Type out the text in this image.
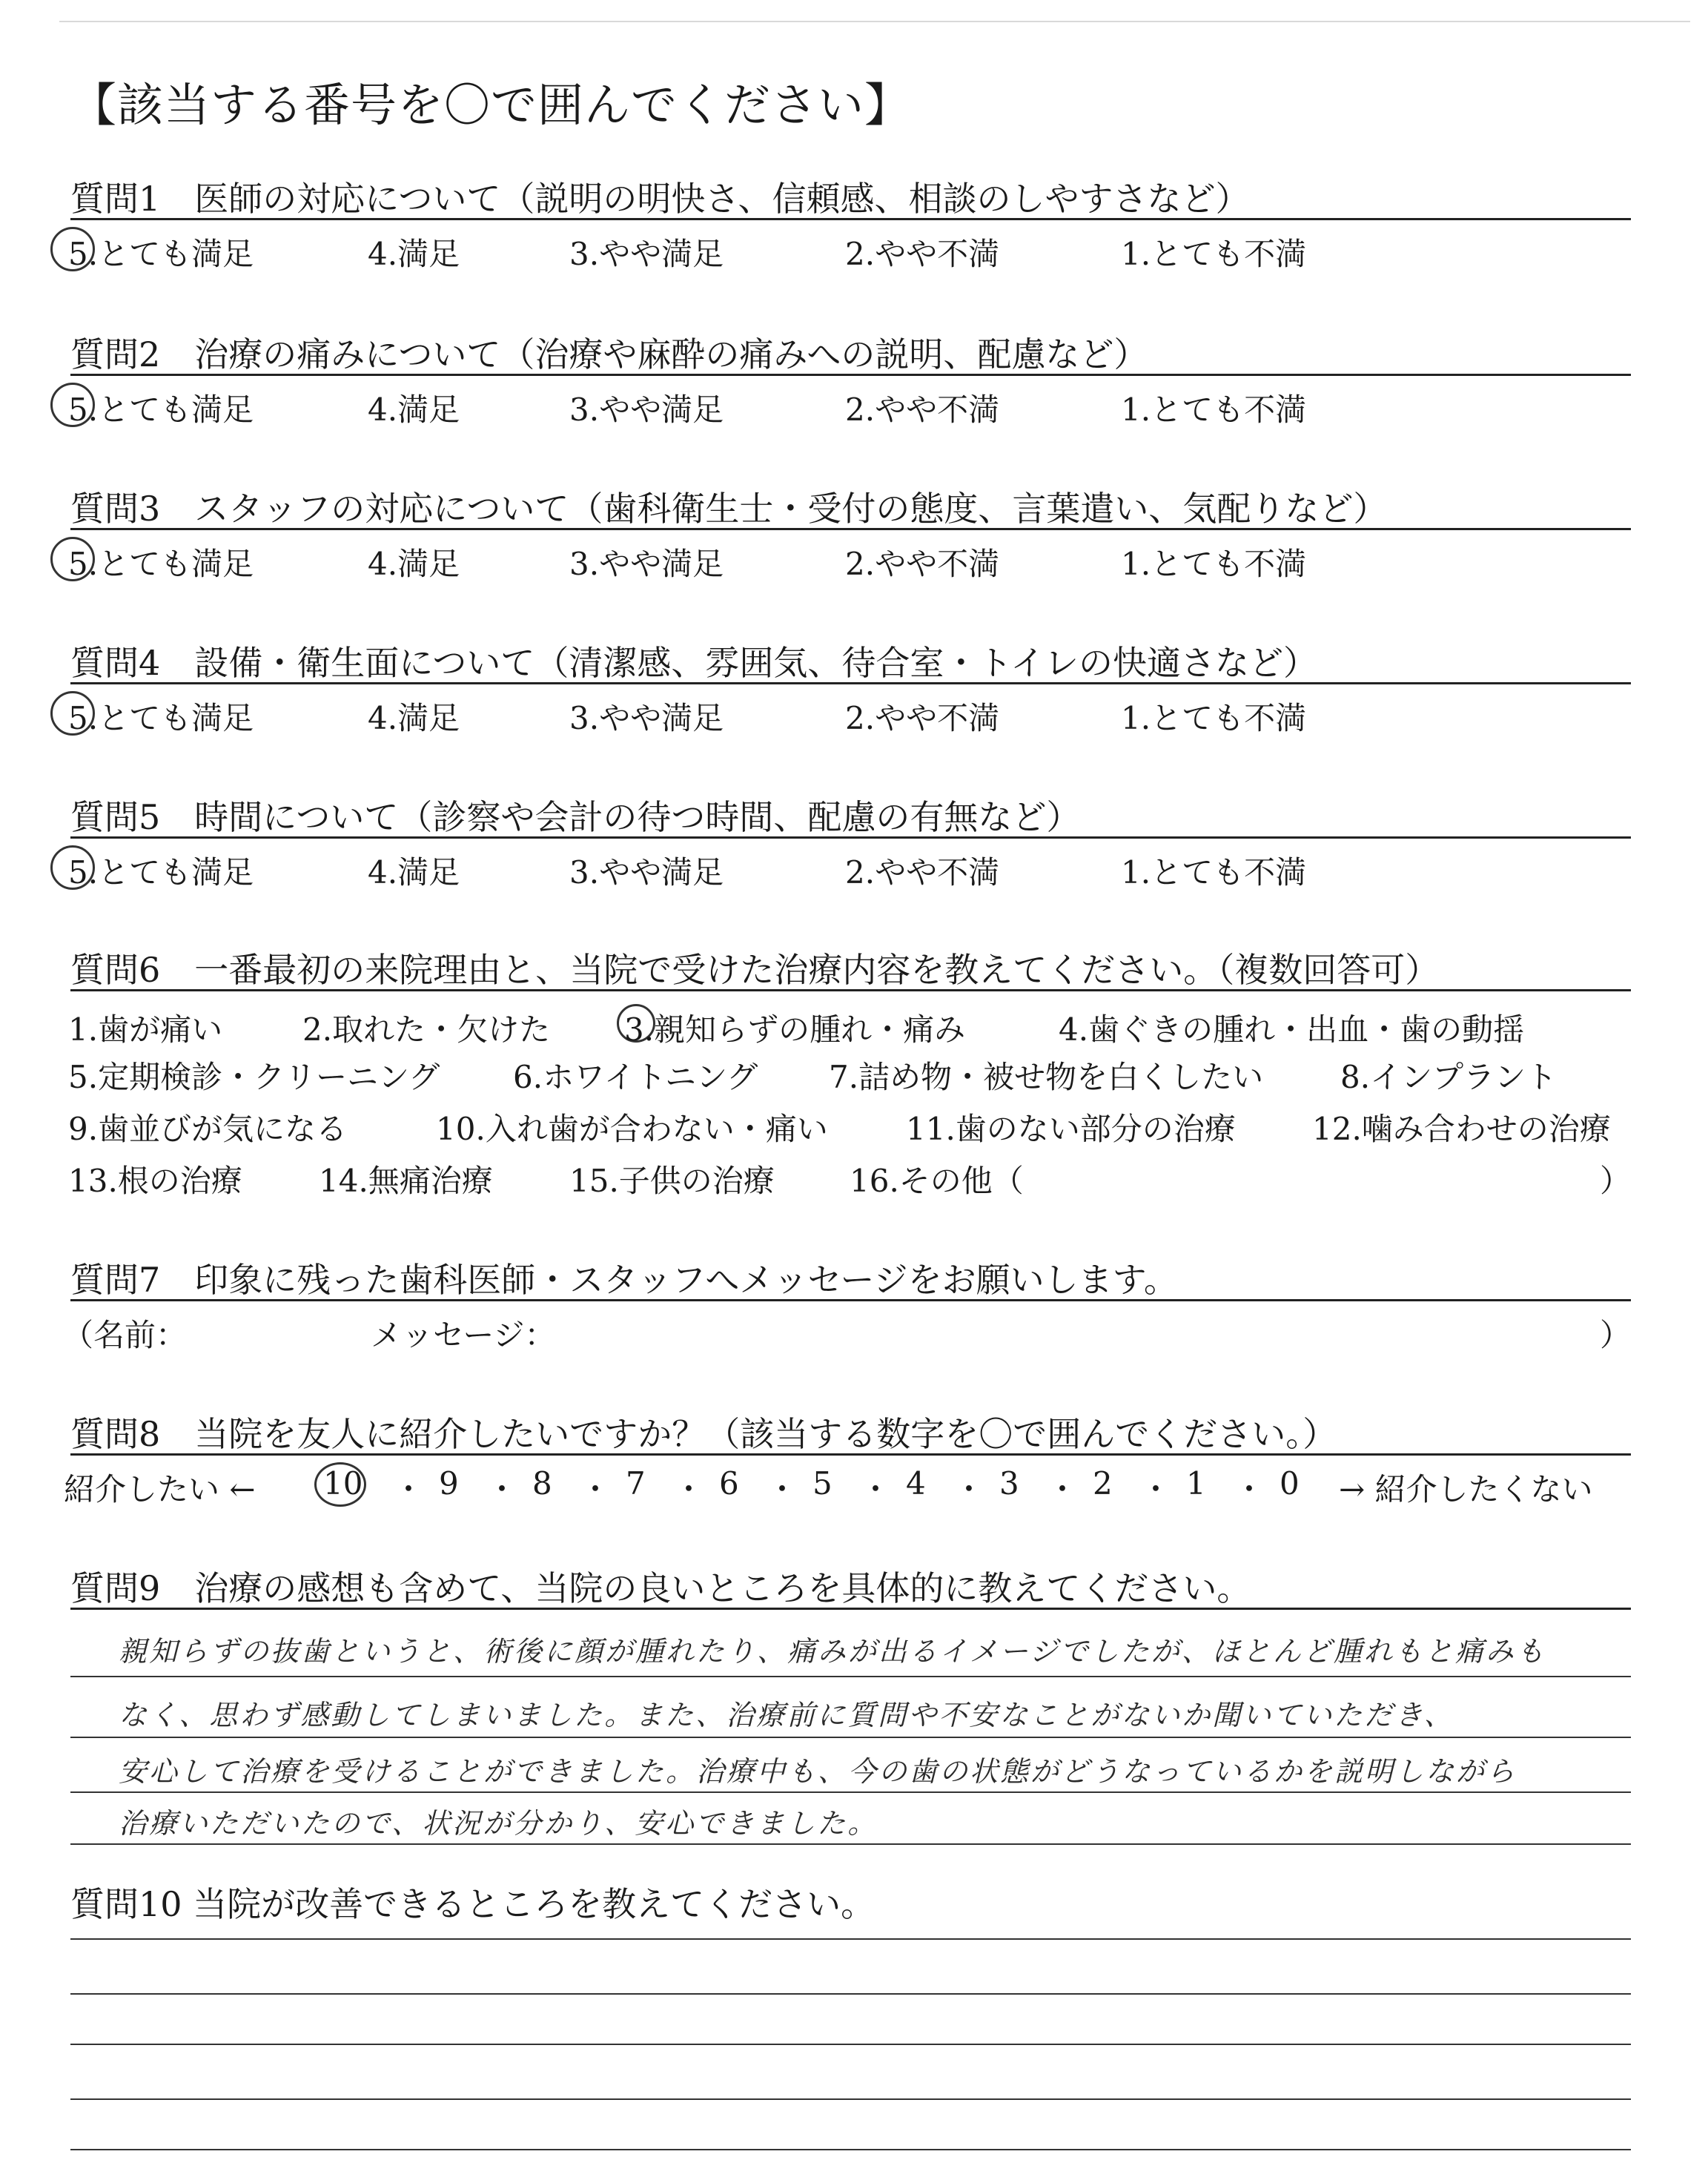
【該当する番号を〇で囲んでください】
質問1　医師の対応について（説明の明快さ、信頼感、相談のしやすさなど）
5.とても満足	4.満足	3.やや満足	2.やや不満	1.とても不満
質問2　治療の痛みについて（治療や麻酔の痛みへの説明、配慮など）
5.とても満足	4.満足	3.やや満足	2.やや不満	1.とても不満
質問3　スタッフの対応について（歯科衛生士・受付の態度、言葉遣い、気配りなど）
5.とても満足	4.満足	3.やや満足	2.やや不満	1.とても不満
質問4　設備・衛生面について（清潔感、雰囲気、待合室・トイレの快適さなど）
5.とても満足	4.満足	3.やや満足	2.やや不満	1.とても不満
質問5　時間について（診察や会計の待つ時間、配慮の有無など）
5.とても満足	4.満足	3.やや満足	2.やや不満	1.とても不満
質問6　一番最初の来院理由と、当院で受けた治療内容を教えてください。（複数回答可）
1.歯が痛い	2.取れた・欠けた 3.親知らずの腫れ・痛み	4.歯ぐきの腫れ・出血・歯の動揺
5.定期検診・クリーニング 6.ホワイトニング 7.詰め物・被せ物を白くしたい 8.インプラント
9.歯並びが気になる	10.入れ歯が合わない・痛い	11.歯のない部分の治療 12.噛み合わせの治療
13.根の治療 14.無痛治療 15.子供の治療 16.その他（	）
質問7　印象に残った歯科医師・スタッフへメッセージをお願いします。
（名前：	メッセージ：	）
質問8　当院を友人に紹介したいですか？（該当する数字を〇で囲んでください。）
紹介したい ← 10 ・ 9 ・ 8 ・ 7 ・ 6 ・ 5 ・ 4 ・ 3 ・ 2 ・ 1 ・ 0 → 紹介したくない
質問9　治療の感想も含めて、当院の良いところを具体的に教えてください。
親知らずの抜歯というと、術後に顔が腫れたり、痛みが出るイメージでしたが、ほとんど腫れもと痛みも
なく、思わず感動してしまいました。また、治療前に質問や不安なことがないか聞いていただき、
安心して治療を受けることができました。治療中も、今の歯の状態がどうなっているかを説明しながら
治療いただいたので、状況が分かり、安心できました。
質問10 当院が改善できるところを教えてください。
